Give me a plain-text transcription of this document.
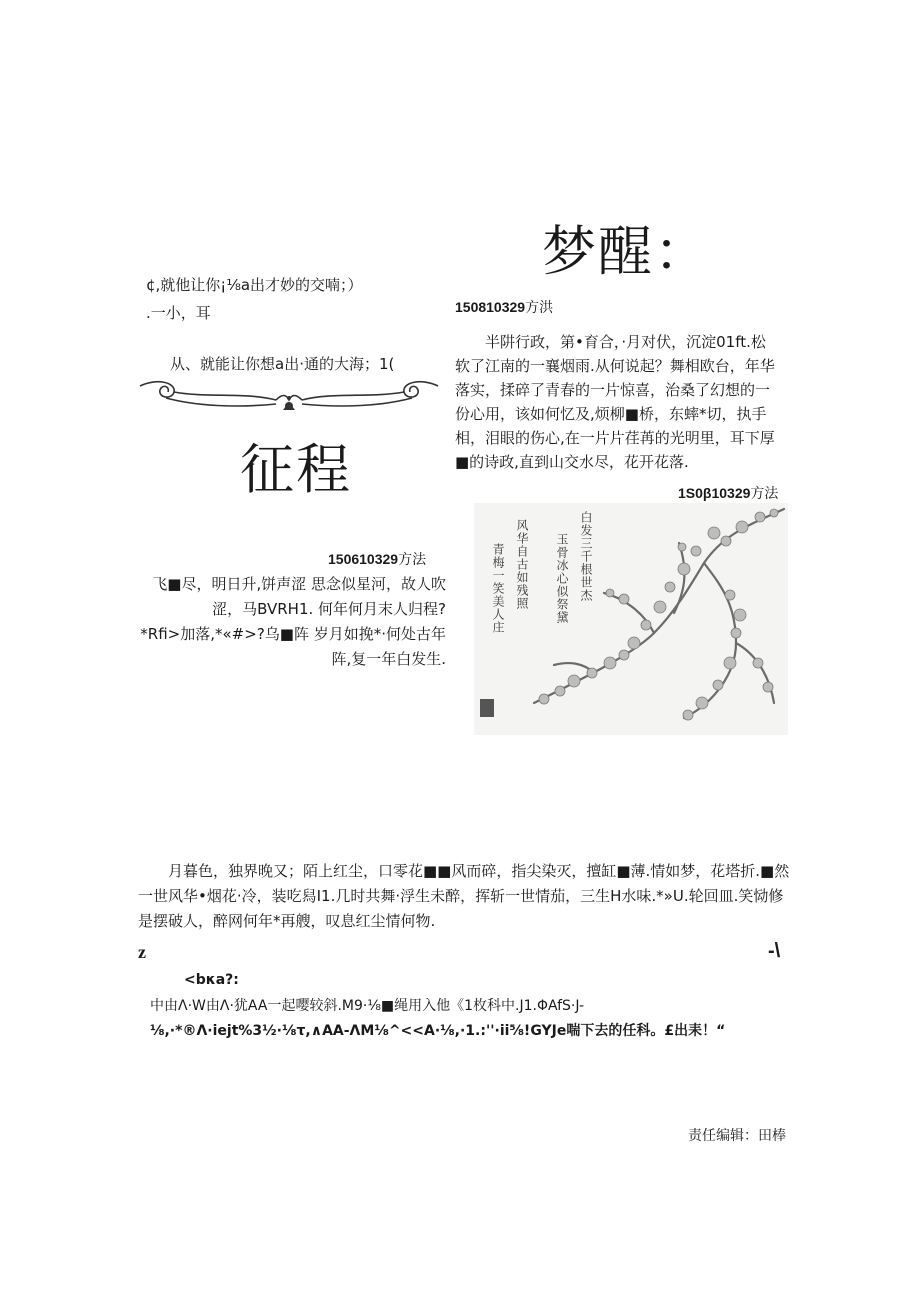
¢,就他让你¡⅛a出才妙的交喃；）
.一小，耳
从、就能让你想a出·通的大海；1(
征程
150610329方法
飞■尽，明日升,饼声涩 思念似星河，故人吹
涩，马BVRH1. 何年何月末人归程?
*Rfi>加落,*«#>?乌■阵 岁月如挽*·何处古年
阵,复一年白发生.
梦醒：
150810329方洪
半阱行政，第•育合，·月对伏，沉淀01ft.松
软了江南的一襄烟雨.从何说起？舞相欧台，年华
落实，揉碎了青春的一片惊喜，治桑了幻想的一
份心用，该如何忆及,烦柳■桥，东蟀*切，执手
相，泪眼的伤心,在一片片荏苒的光明里，耳下厚
■的诗政,直到山交水尽，花开花落.
1S0β10329方法
白发三千根世杰
玉骨冰心似祭黛
风华自古如残照
青梅一笑美人庄
月暮色，独界晚又；陌上红尘，口零花■■风而碎，指尖染灭，擅缸■薄.情如梦，花塔折.■然一世风华•烟花·冷，装吃舄I1.几时共舞·浮生未醉，挥斩一世情茄，三生H水味.*»U.轮回皿.笑恸修是摆破人，醉网何年*再艘，叹息红尘情何物.
z	-\
<bκa?:
中由Λ·W由Λ·犹AA一起嘤较斜.M9·⅛■绳用入他《1枚科中.J1.ΦAfS·J-
⅛,·*®Λ·iejt%3½·⅛τ,∧AA-ΛM⅛^<<A·⅛,·1.:''·ii⅝!GYJe喘下去的任科。£出耒！“
责任编辑：田棒
